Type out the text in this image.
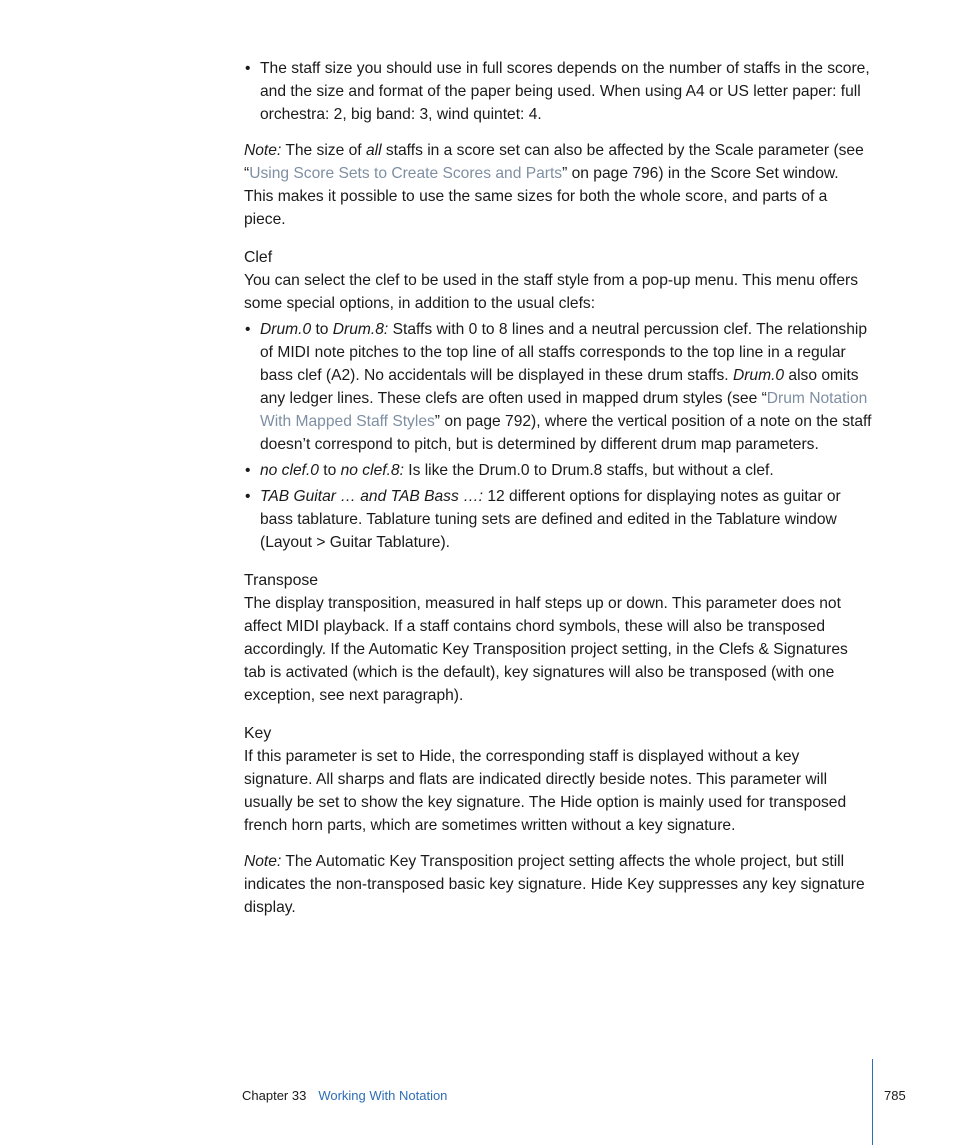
• The staff size you should use in full scores depends on the number of staffs in the score, and the size and format of the paper being used. When using A4 or US letter paper: full orchestra: 2, big band: 3, wind quintet: 4.

Note: The size of all staffs in a score set can also be affected by the Scale parameter (see “Using Score Sets to Create Scores and Parts” on page 796) in the Score Set window. This makes it possible to use the same sizes for both the whole score, and parts of a piece.

Clef

You can select the clef to be used in the staff style from a pop-up menu. This menu offers some special options, in addition to the usual clefs:

• Drum.0 to Drum.8: Staffs with 0 to 8 lines and a neutral percussion clef. The relationship of MIDI note pitches to the top line of all staffs corresponds to the top line in a regular bass clef (A2). No accidentals will be displayed in these drum staffs. Drum.0 also omits any ledger lines. These clefs are often used in mapped drum styles (see “Drum Notation With Mapped Staff Styles” on page 792), where the vertical position of a note on the staff doesn’t correspond to pitch, but is determined by different drum map parameters.

• no clef.0 to no clef.8: Is like the Drum.0 to Drum.8 staffs, but without a clef.

• TAB Guitar … and TAB Bass …: 12 different options for displaying notes as guitar or bass tablature. Tablature tuning sets are defined and edited in the Tablature window (Layout > Guitar Tablature).

Transpose

The display transposition, measured in half steps up or down. This parameter does not affect MIDI playback. If a staff contains chord symbols, these will also be transposed accordingly. If the Automatic Key Transposition project setting, in the Clefs & Signatures tab is activated (which is the default), key signatures will also be transposed (with one exception, see next paragraph).

Key

If this parameter is set to Hide, the corresponding staff is displayed without a key signature. All sharps and flats are indicated directly beside notes. This parameter will usually be set to show the key signature. The Hide option is mainly used for transposed french horn parts, which are sometimes written without a key signature.

Note: The Automatic Key Transposition project setting affects the whole project, but still indicates the non-transposed basic key signature. Hide Key suppresses any key signature display.

Chapter 33 Working With Notation	785
